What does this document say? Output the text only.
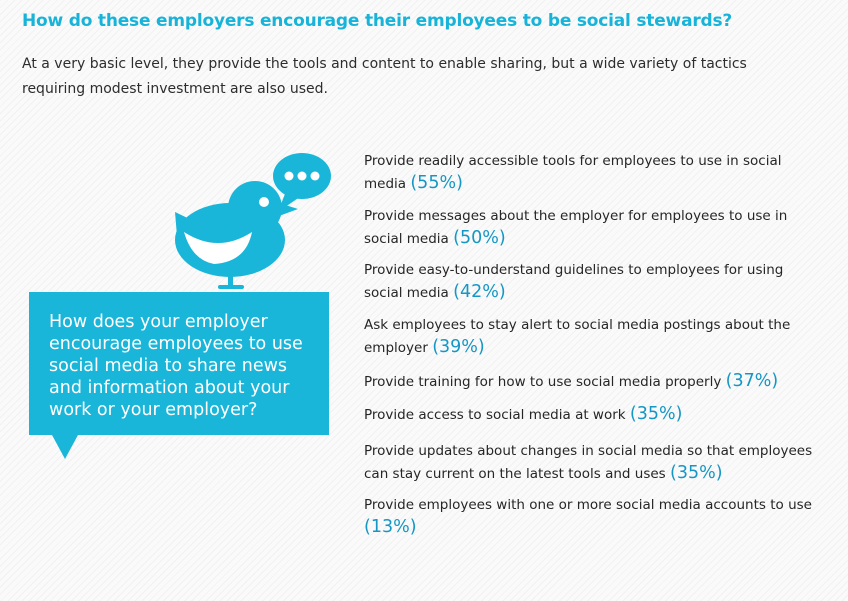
How do these employers encourage their employees to be social stewards?

At a very basic level, they provide the tools and content to enable sharing, but a wide variety of tactics requiring modest investment are also used.

How does your employer encourage employees to use social media to share news and information about your work or your employer?

Provide readily accessible tools for employees to use in social media (55%)

Provide messages about the employer for employees to use in social media (50%)

Provide easy-to-understand guidelines to employees for using social media (42%)

Ask employees to stay alert to social media postings about the employer (39%)

Provide training for how to use social media properly (37%)

Provide access to social media at work (35%)

Provide updates about changes in social media so that employees can stay current on the latest tools and uses (35%)

Provide employees with one or more social media accounts to use (13%)
